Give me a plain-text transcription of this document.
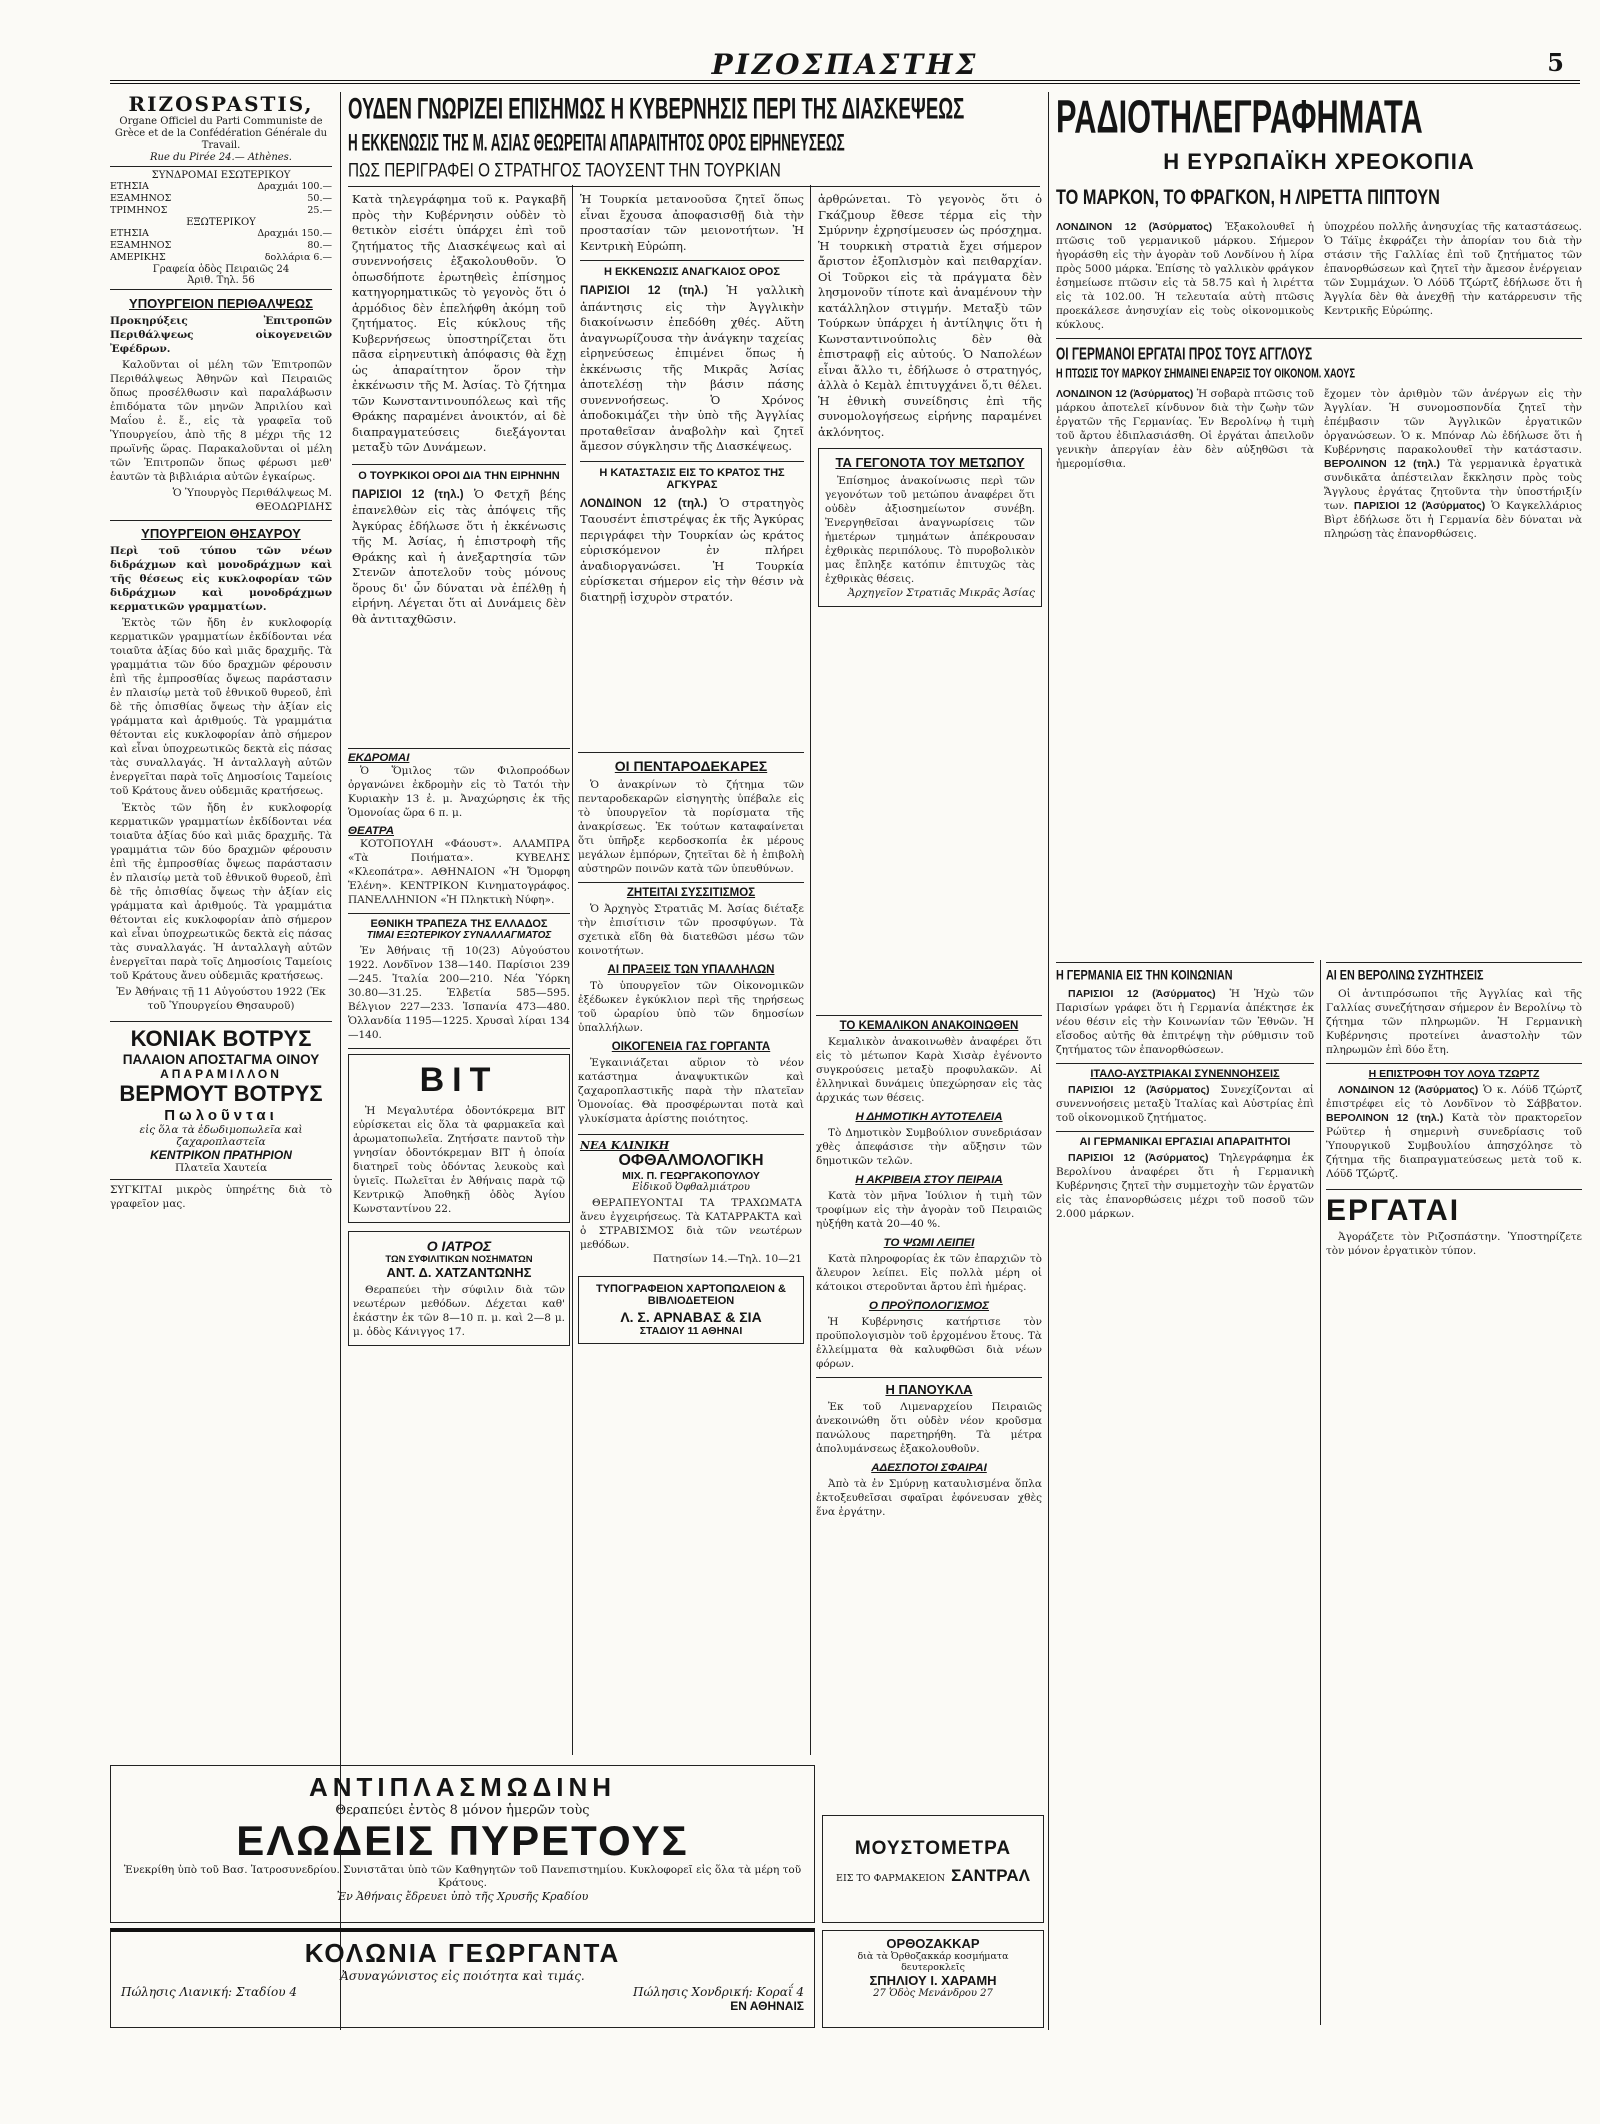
ΡΙΖΟΣΠΑΣΤΗΣ	5
RIZOSPASTIS,
Organe Officiel du Parti Communiste de Grèce et de la Confédération Générale du Travail.
Rue du Pirée 24.— Athènes.
ΣΥΝΔΡΟΜΑΙ ΕΣΩΤΕΡΙΚΟΥ
ΕΤΗΣΙΑ	Δραχμάι 100.—
ΕΞΑΜΗΝΟΣ	50.—
ΤΡΙΜΗΝΟΣ	25.—
ΕΞΩΤΕΡΙΚΟΥ
ΕΤΗΣΙΑ	Δραχμάι 150.—
ΕΞΑΜΗΝΟΣ	80.—
ΑΜΕΡΙΚΗΣ	δολλάρια 6.—
Γραφεία ὁδὸς Πειραιῶς 24
Ἀριθ. Τηλ. 56
ΥΠΟΥΡΓΕΙΟΝ ΠΕΡΙΘΑΛΨΕΩΣ
Προκηρύξεις Ἐπιτροπῶν Περιθάλψεως οἰκογενειῶν Ἐφέδρων.
Καλοῦνται οἱ μέλη τῶν Ἐπιτροπῶν Περιθάλψεως Ἀθηνῶν καὶ Πειραιῶς ὅπως προσέλθωσιν καὶ παραλάβωσιν ἐπιδόματα τῶν μηνῶν Ἀπριλίου καὶ Μαΐου ἐ. ἔ., εἰς τὰ γραφεῖα τοῦ Ὑπουργείου, ἀπὸ τῆς 8 μέχρι τῆς 12 πρωϊνῆς ὥρας. Παρακαλοῦνται οἱ μέλη τῶν Ἐπιτροπῶν ὅπως φέρωσι μεθ' ἑαυτῶν τὰ βιβλιάρια αὐτῶν ἐγκαίρως.
Ὁ Ὑπουργὸς Περιθάλψεως Μ. ΘΕΟΔΩΡΙΔΗΣ
ΥΠΟΥΡΓΕΙΟΝ ΘΗΣΑΥΡΟΥ
Περὶ τοῦ τύπου τῶν νέων διδράχμων καὶ μονοδράχμων καὶ τῆς θέσεως εἰς κυκλοφορίαν τῶν διδράχμων καὶ μονοδράχμων κερματικῶν γραμματίων.
Ἐκτὸς τῶν ἤδη ἐν κυκλοφορίᾳ κερματικῶν γραμματίων ἐκδίδονται νέα τοιαῦτα ἀξίας δύο καὶ μιᾶς δραχμῆς. Τὰ γραμμάτια τῶν δύο δραχμῶν φέρουσιν ἐπὶ τῆς ἐμπροσθίας ὄψεως παράστασιν ἐν πλαισίῳ μετὰ τοῦ ἐθνικοῦ θυρεοῦ, ἐπὶ δὲ τῆς ὀπισθίας ὄψεως τὴν ἀξίαν εἰς γράμματα καὶ ἀριθμούς. Τὰ γραμμάτια θέτονται εἰς κυκλοφορίαν ἀπὸ σήμερον καὶ εἶναι ὑποχρεωτικῶς δεκτὰ εἰς πάσας τὰς συναλλαγάς. Ἡ ἀνταλλαγὴ αὐτῶν ἐνεργεῖται παρὰ τοῖς Δημοσίοις Ταμείοις τοῦ Κράτους ἄνευ οὐδεμιᾶς κρατήσεως.
Ἐκτὸς τῶν ἤδη ἐν κυκλοφορίᾳ κερματικῶν γραμματίων ἐκδίδονται νέα τοιαῦτα ἀξίας δύο καὶ μιᾶς δραχμῆς. Τὰ γραμμάτια τῶν δύο δραχμῶν φέρουσιν ἐπὶ τῆς ἐμπροσθίας ὄψεως παράστασιν ἐν πλαισίῳ μετὰ τοῦ ἐθνικοῦ θυρεοῦ, ἐπὶ δὲ τῆς ὀπισθίας ὄψεως τὴν ἀξίαν εἰς γράμματα καὶ ἀριθμούς. Τὰ γραμμάτια θέτονται εἰς κυκλοφορίαν ἀπὸ σήμερον καὶ εἶναι ὑποχρεωτικῶς δεκτὰ εἰς πάσας τὰς συναλλαγάς. Ἡ ἀνταλλαγὴ αὐτῶν ἐνεργεῖται παρὰ τοῖς Δημοσίοις Ταμείοις τοῦ Κράτους ἄνευ οὐδεμιᾶς κρατήσεως.
Ἐν Ἀθήναις τῇ 11 Αὐγούστου 1922 (Ἐκ τοῦ Ὑπουργείου Θησαυροῦ)
ΚΟΝΙΑΚ ΒΟΤΡΥΣ
ΠΑΛΑΙΟΝ ΑΠΟΣΤΑΓΜΑ ΟΙΝΟΥ
ΑΠΑΡΑΜΙΛΛΟΝ
ΒΕΡΜΟΥΤ ΒΟΤΡΥΣ
Πωλοῦνται
εἰς ὅλα τὰ ἐδωδιμοπωλεῖα καὶ ζαχαροπλαστεῖα
ΚΕΝΤΡΙΚΟΝ ΠΡΑΤΗΡΙΟΝ
Πλατεῖα Χαυτεία
ΣΥΓΚΙΤΑΙ μικρὸς ὑπηρέτης διὰ τὸ γραφεῖον μας.
ΟΥΔΕΝ ΓΝΩΡΙΖΕΙ ΕΠΙΣΗΜΩΣ Η ΚΥΒΕΡΝΗΣΙΣ ΠΕΡΙ ΤΗΣ ΔΙΑΣΚΕΨΕΩΣ
Η ΕΚΚΕΝΩΣΙΣ ΤΗΣ Μ. ΑΣΙΑΣ ΘΕΩΡΕΙΤΑΙ ΑΠΑΡΑΙΤΗΤΟΣ ΟΡΟΣ ΕΙΡΗΝΕΥΣΕΩΣ
ΠΩΣ ΠΕΡΙΓΡΑΦΕΙ Ο ΣΤΡΑΤΗΓΟΣ ΤΑΟΥΣΕΝΤ ΤΗΝ ΤΟΥΡΚΙΑΝ
Κατὰ τηλεγράφημα τοῦ κ. Ραγκαβῆ πρὸς τὴν Κυβέρνησιν οὐδὲν τὸ θετικὸν εἰσέτι ὑπάρχει ἐπὶ τοῦ ζητήματος τῆς Διασκέψεως καὶ αἱ συνεννοήσεις ἐξακολουθοῦν. Ὁ ὁπωσδήποτε ἐρωτηθεὶς ἐπίσημος κατηγορηματικῶς τὸ γεγονὸς ὅτι ὁ ἀρμόδιος δὲν ἐπελήφθη ἀκόμη τοῦ ζητήματος. Εἰς κύκλους τῆς Κυβερνήσεως ὑποστηρίζεται ὅτι πᾶσα εἰρηνευτικὴ ἀπόφασις θὰ ἔχῃ ὡς ἀπαραίτητον ὅρον τὴν ἐκκένωσιν τῆς Μ. Ἀσίας. Τὸ ζήτημα τῶν Κωνσταντινουπόλεως καὶ τῆς Θράκης παραμένει ἀνοικτόν, αἱ δὲ διαπραγματεύσεις διεξάγονται μεταξὺ τῶν Δυνάμεων.
Ο ΤΟΥΡΚΙΚΟΙ ΟΡΟΙ ΔΙΑ ΤΗΝ ΕΙΡΗΝΗΝ
ΠΑΡΙΣΙΟΙ 12 (τηλ.) Ὁ Φετχῆ βέης ἐπανελθὼν εἰς τὰς ἀπόψεις τῆς Ἀγκύρας ἐδήλωσε ὅτι ἡ ἐκκένωσις τῆς Μ. Ἀσίας, ἡ ἐπιστροφὴ τῆς Θράκης καὶ ἡ ἀνεξαρτησία τῶν Στενῶν ἀποτελοῦν τοὺς μόνους ὅρους δι' ὧν δύναται νὰ ἐπέλθῃ ἡ εἰρήνη. Λέγεται ὅτι αἱ Δυνάμεις δὲν θὰ ἀντιταχθῶσιν.
Ἡ Τουρκία μετανοοῦσα ζητεῖ ὅπως εἶναι ἔχουσα ἀποφασισθῇ διὰ τὴν προστασίαν τῶν μειονοτήτων. Ἡ Κεντρικὴ Εὐρώπη.
Η ΕΚΚΕΝΩΣΙΣ ΑΝΑΓΚΑΙΟΣ ΟΡΟΣ
ΠΑΡΙΣΙΟΙ 12 (τηλ.) Ἡ γαλλικὴ ἀπάντησις εἰς τὴν Ἀγγλικὴν διακοίνωσιν ἐπεδόθη χθές. Αὕτη ἀναγνωρίζουσα τὴν ἀνάγκην ταχείας εἰρηνεύσεως ἐπιμένει ὅπως ἡ ἐκκένωσις τῆς Μικρᾶς Ἀσίας ἀποτελέσῃ τὴν βάσιν πάσης συνεννοήσεως. Ὁ Χρόνος ἀποδοκιμάζει τὴν ὑπὸ τῆς Ἀγγλίας προταθεῖσαν ἀναβολὴν καὶ ζητεῖ ἄμεσον σύγκλησιν τῆς Διασκέψεως.
Η ΚΑΤΑΣΤΑΣΙΣ ΕΙΣ ΤΟ ΚΡΑΤΟΣ ΤΗΣ ΑΓΚΥΡΑΣ
ΛΟΝΔΙΝΟΝ 12 (τηλ.) Ὁ στρατηγὸς Ταουσέντ ἐπιστρέψας ἐκ τῆς Ἀγκύρας περιγράφει τὴν Τουρκίαν ὡς κράτος εὑρισκόμενον ἐν πλήρει ἀναδιοργανώσει. Ἡ Τουρκία εὑρίσκεται σήμερον εἰς τὴν θέσιν νὰ διατηρῇ ἰσχυρὸν στρατόν.
ἀρθρώνεται. Τὸ γεγονὸς ὅτι ὁ Γκάζμουρ ἔθεσε τέρμα εἰς τὴν Σμύρνην ἐχρησίμευσεν ὡς πρόσχημα. Ἡ τουρκικὴ στρατιὰ ἔχει σήμερον ἄριστον ἐξοπλισμὸν καὶ πειθαρχίαν. Οἱ Τοῦρκοι εἰς τὰ πράγματα δὲν λησμονοῦν τίποτε καὶ ἀναμένουν τὴν κατάλληλον στιγμήν. Μεταξὺ τῶν Τούρκων ὑπάρχει ἡ ἀντίληψις ὅτι ἡ Κωνσταντινούπολις δὲν θὰ ἐπιστραφῇ εἰς αὐτούς. Ὁ Ναπολέων εἶναι ἄλλο τι, ἐδήλωσε ὁ στρατηγός, ἀλλὰ ὁ Κεμὰλ ἐπιτυγχάνει ὅ,τι θέλει. Ἡ ἐθνικὴ συνείδησις ἐπὶ τῆς συνομολογήσεως εἰρήνης παραμένει ἀκλόνητος.
ΤΑ ΓΕΓΟΝΟΤΑ ΤΟΥ ΜΕΤΩΠΟΥ
Ἐπίσημος ἀνακοίνωσις περὶ τῶν γεγονότων τοῦ μετώπου ἀναφέρει ὅτι οὐδὲν ἀξιοσημείωτον συνέβη. Ἐνεργηθεῖσαι ἀναγνωρίσεις τῶν ἡμετέρων τμημάτων ἀπέκρουσαν ἐχθρικὰς περιπόλους. Τὸ πυροβολικὸν μας ἔπληξε κατόπιν ἐπιτυχῶς τὰς ἐχθρικὰς θέσεις.
Ἀρχηγεῖον Στρατιᾶς Μικρᾶς Ἀσίας
ΕΚΔΡΟΜΑΙ
Ὁ Ὅμιλος τῶν Φιλοπροόδων ὀργανώνει ἐκδρομὴν εἰς τὸ Τατόι τὴν Κυριακὴν 13 ἐ. μ. Ἀναχώρησις ἐκ τῆς Ὁμονοίας ὥρα 6 π. μ.
ΘΕΑΤΡΑ
ΚΟΤΟΠΟΥΛΗ «Φάουστ». ΑΛΑΜΠΡΑ «Τὰ Ποιήματα». ΚΥΒΕΛΗΣ «Κλεοπάτρα». ΑΘΗΝΑΙΟΝ «Ἡ Ὄμορφη Ἑλένη». ΚΕΝΤΡΙΚΟΝ Κινηματογράφος. ΠΑΝΕΛΛΗΝΙΟΝ «Ἡ Πληκτικὴ Νύφη».
ΕΘΝΙΚΗ ΤΡΑΠΕΖΑ ΤΗΣ ΕΛΛΑΔΟΣ
ΤΙΜΑΙ ΕΞΩΤΕΡΙΚΟΥ ΣΥΝΑΛΛΑΓΜΑΤΟΣ
Ἐν Ἀθήναις τῇ 10(23) Αὐγούστου 1922. Λονδῖνον 138—140. Παρίσιοι 239—245. Ἰταλία 200—210. Νέα Ὑόρκη 30.80—31.25. Ἑλβετία 585—595. Βέλγιον 227—233. Ἱσπανία 473—480. Ὁλλανδία 1195—1225. Χρυσαὶ λίραι 134—140.
ΒΙΤ
Ἡ Μεγαλυτέρα ὁδοντόκρεμα ΒΙΤ εὐρίσκεται εἰς ὅλα τὰ φαρμακεῖα καὶ ἀρωματοπωλεῖα. Ζητήσατε παντοῦ τὴν γνησίαν ὁδοντόκρεμαν ΒΙΤ ἡ ὁποία διατηρεῖ τοὺς ὀδόντας λευκοὺς καὶ ὑγιεῖς. Πωλεῖται ἐν Ἀθήναις παρὰ τῷ Κεντρικῷ Ἀποθηκῇ ὁδὸς Ἀγίου Κωνσταντίνου 22.
Ο ΙΑΤΡΟΣ
ΤΩΝ ΣΥΦΙΛΙΤΙΚΩΝ ΝΟΣΗΜΑΤΩΝ
ΑΝΤ. Δ. ΧΑΤΖΑΝΤΩΝΗΣ
Θεραπεύει τὴν σύφιλιν διὰ τῶν νεωτέρων μεθόδων. Δέχεται καθ' ἑκάστην ἐκ τῶν 8—10 π. μ. καὶ 2—8 μ. μ. ὁδὸς Κάνιγγος 17.
ΟΙ ΠΕΝΤΑΡΟΔΕΚΑΡΕΣ
Ὁ ἀνακρίνων τὸ ζήτημα τῶν πενταροδεκαρῶν εἰσηγητὴς ὑπέβαλε εἰς τὸ ὑπουργεῖον τὰ πορίσματα τῆς ἀνακρίσεως. Ἐκ τούτων καταφαίνεται ὅτι ὑπῆρξε κερδοσκοπία ἐκ μέρους μεγάλων ἐμπόρων, ζητεῖται δὲ ἡ ἐπιβολὴ αὐστηρῶν ποινῶν κατὰ τῶν ὑπευθύνων.
ΖΗΤΕΙΤΑΙ ΣΥΣΣΙΤΙΣΜΟΣ
Ὁ Ἀρχηγὸς Στρατιᾶς Μ. Ἀσίας διέταξε τὴν ἐπισίτισιν τῶν προσφύγων. Τὰ σχετικὰ εἴδη θὰ διατεθῶσι μέσω τῶν κοινοτήτων.
ΑΙ ΠΡΑΞΕΙΣ ΤΩΝ ΥΠΑΛΛΗΛΩΝ
Τὸ ὑπουργεῖον τῶν Οἰκονομικῶν ἐξέδωκεν ἐγκύκλιον περὶ τῆς τηρήσεως τοῦ ὡραρίου ὑπὸ τῶν δημοσίων ὑπαλλήλων.
ΟΙΚΟΓΕΝΕΙΑ ΓΑΣ ΓΟΡΓΑΝΤΑ
Ἐγκαινιάζεται αὔριον τὸ νέον κατάστημα ἀναψυκτικῶν καὶ ζαχαροπλαστικῆς παρὰ τὴν πλατεῖαν Ὁμονοίας. Θὰ προσφέρωνται ποτὰ καὶ γλυκίσματα ἀρίστης ποιότητος.
ΝΕΑ ΚΛΙΝΙΚΗ
ΟΦΘΑΛΜΟΛΟΓΙΚΗ
ΜΙΧ. Π. ΓΕΩΡΓΑΚΟΠΟΥΛΟΥ
Εἰδικοῦ Ὀφθαλμιάτρου
ΘΕΡΑΠΕΥΟΝΤΑΙ ΤΑ ΤΡΑΧΩΜΑΤΑ ἄνευ ἐγχειρήσεως. Τὰ ΚΑΤΑΡΡΑΚΤΑ καὶ ὁ ΣΤΡΑΒΙΣΜΟΣ διὰ τῶν νεωτέρων μεθόδων.
Πατησίων 14.—Τηλ. 10—21
ΤΥΠΟΓΡΑΦΕΙΟΝ ΧΑΡΤΟΠΩΛΕΙΟΝ & ΒΙΒΛΙΟΔΕΤΕΙΟΝ
Λ. Σ. ΑΡΝΑΒΑΣ & ΣΙΑ
ΣΤΑΔΙΟΥ 11 ΑΘΗΝΑΙ
ΤΟ ΚΕΜΑΛΙΚΟΝ ΑΝΑΚΟΙΝΩΘΕΝ
Κεμαλικὸν ἀνακοινωθὲν ἀναφέρει ὅτι εἰς τὸ μέτωπον Καρὰ Χισὰρ ἐγένοντο συγκρούσεις μεταξὺ προφυλακῶν. Αἱ ἐλληνικαὶ δυνάμεις ὑπεχώρησαν εἰς τὰς ἀρχικάς των θέσεις.
Η ΔΗΜΟΤΙΚΗ ΑΥΤΟΤΕΛΕΙΑ
Τὸ Δημοτικὸν Συμβούλιον συνεδριάσαν χθὲς ἀπεφάσισε τὴν αὔξησιν τῶν δημοτικῶν τελῶν.
Η ΑΚΡΙΒΕΙΑ ΣΤΟΥ ΠΕΙΡΑΙΑ
Κατὰ τὸν μῆνα Ἰούλιον ἡ τιμὴ τῶν τροφίμων εἰς τὴν ἀγορὰν τοῦ Πειραιῶς ηὐξήθη κατὰ 20—40 %.
ΤΟ ΨΩΜΙ ΛΕΙΠΕΙ
Κατὰ πληροφορίας ἐκ τῶν ἐπαρχιῶν τὸ ἄλευρον λείπει. Εἰς πολλὰ μέρη οἱ κάτοικοι στεροῦνται ἄρτου ἐπὶ ἡμέρας.
Ο ΠΡΟΫΠΟΛΟΓΙΣΜΟΣ
Ἡ Κυβέρνησις κατήρτισε τὸν προϋπολογισμὸν τοῦ ἐρχομένου ἔτους. Τὰ ἐλλείμματα θὰ καλυφθῶσι διὰ νέων φόρων.
Η ΠΑΝΟΥΚΛΑ
Ἐκ τοῦ Λιμεναρχείου Πειραιῶς ἀνεκοινώθη ὅτι οὐδὲν νέον κροῦσμα πανώλους παρετηρήθη. Τὰ μέτρα ἀπολυμάνσεως ἐξακολουθοῦν.
ΑΔΕΣΠΟΤΟΙ ΣΦΑΙΡΑΙ
Ἀπὸ τὰ ἐν Σμύρνῃ καταυλισμένα ὅπλα ἐκτοξευθεῖσαι σφαῖραι ἐφόνευσαν χθὲς ἕνα ἐργάτην.
ΡΑΔΙΟΤΗΛΕΓΡΑΦΗΜΑΤΑ
Η ΕΥΡΩΠΑΪΚΗ ΧΡΕΟΚΟΠΙΑ
ΤΟ ΜΑΡΚΟΝ, ΤΟ ΦΡΑΓΚΟΝ, Η ΛΙΡΕΤΤΑ ΠΙΠΤΟΥΝ
ΛΟΝΔΙΝΟΝ 12 (Ἀσύρματος) Ἐξακολουθεῖ ἡ πτῶσις τοῦ γερμανικοῦ μάρκου. Σήμερον ἠγοράσθη εἰς τὴν ἀγορὰν τοῦ Λονδίνου ἡ λίρα πρὸς 5000 μάρκα. Ἐπίσης τὸ γαλλικὸν φράγκον ἐσημείωσε πτῶσιν εἰς τὰ 58.75 καὶ ἡ λιρέττα εἰς τὰ 102.00. Ἡ τελευταία αὐτὴ πτῶσις προεκάλεσε ἀνησυχίαν εἰς τοὺς οἰκονομικοὺς κύκλους.
ὑποχρέου πολλῆς ἀνησυχίας τῆς καταστάσεως. Ὁ Τάϊμς ἐκφράζει τὴν ἀπορίαν του διὰ τὴν στάσιν τῆς Γαλλίας ἐπὶ τοῦ ζητήματος τῶν ἐπανορθώσεων καὶ ζητεῖ τὴν ἄμεσον ἐνέργειαν τῶν Συμμάχων. Ὁ Λόϋδ Τζώρτζ ἐδήλωσε ὅτι ἡ Ἀγγλία δὲν θὰ ἀνεχθῇ τὴν κατάρρευσιν τῆς Κεντρικῆς Εὐρώπης.
ΟΙ ΓΕΡΜΑΝΟΙ ΕΡΓΑΤΑΙ ΠΡΟΣ ΤΟΥΣ ΑΓΓΛΟΥΣ
Η ΠΤΩΣΙΣ ΤΟΥ ΜΑΡΚΟΥ ΣΗΜΑΙΝΕΙ ΕΝΑΡΞΙΣ ΤΟΥ ΟΙΚΟΝΟΜ. ΧΑΟΥΣ
ΛΟΝΔΙΝΟΝ 12 (Ἀσύρματος) Ἡ σοβαρὰ πτῶσις τοῦ μάρκου ἀποτελεῖ κίνδυνον διὰ τὴν ζωὴν τῶν ἐργατῶν τῆς Γερμανίας. Ἐν Βερολίνῳ ἡ τιμὴ τοῦ ἄρτου ἐδιπλασιάσθη. Οἱ ἐργάται ἀπειλοῦν γενικὴν ἀπεργίαν ἐὰν δὲν αὐξηθῶσι τὰ ἡμερομίσθια.
ἔχομεν τὸν ἀριθμὸν τῶν ἀνέργων εἰς τὴν Ἀγγλίαν. Ἡ συνομοσπονδία ζητεῖ τὴν ἐπέμβασιν τῶν Ἀγγλικῶν ἐργατικῶν ὀργανώσεων. Ὁ κ. Μπόναρ Λὼ ἐδήλωσε ὅτι ἡ Κυβέρνησις παρακολουθεῖ τὴν κατάστασιν. ΒΕΡΟΛΙΝΟΝ 12 (τηλ.) Τὰ γερμανικὰ ἐργατικὰ συνδικᾶτα ἀπέστειλαν ἔκκλησιν πρὸς τοὺς Ἄγγλους ἐργάτας ζητοῦντα τὴν ὑποστήριξίν των. ΠΑΡΙΣΙΟΙ 12 (Ἀσύρματος) Ὁ Καγκελλάριος Βὶρτ ἐδήλωσε ὅτι ἡ Γερμανία δὲν δύναται νὰ πληρώσῃ τὰς ἐπανορθώσεις.
Η ΓΕΡΜΑΝΙΑ ΕΙΣ ΤΗΝ ΚΟΙΝΩΝΙΑΝ
ΠΑΡΙΣΙΟΙ 12 (Ἀσύρματος) Ἡ Ἠχὼ τῶν Παρισίων γράφει ὅτι ἡ Γερμανία ἀπέκτησε ἐκ νέου θέσιν εἰς τὴν Κοινωνίαν τῶν Ἐθνῶν. Ἡ εἴσοδος αὐτῆς θὰ ἐπιτρέψῃ τὴν ρύθμισιν τοῦ ζητήματος τῶν ἐπανορθώσεων.
ΙΤΑΛΟ-ΑΥΣΤΡΙΑΚΑΙ ΣΥΝΕΝΝΟΗΣΕΙΣ
ΠΑΡΙΣΙΟΙ 12 (Ἀσύρματος) Συνεχίζονται αἱ συνεννοήσεις μεταξὺ Ἰταλίας καὶ Αὐστρίας ἐπὶ τοῦ οἰκονομικοῦ ζητήματος.
ΑΙ ΓΕΡΜΑΝΙΚΑΙ ΕΡΓΑΣΙΑΙ ΑΠΑΡΑΙΤΗΤΟΙ
ΠΑΡΙΣΙΟΙ 12 (Ἀσύρματος) Τηλεγράφημα ἐκ Βερολίνου ἀναφέρει ὅτι ἡ Γερμανικὴ Κυβέρνησις ζητεῖ τὴν συμμετοχὴν τῶν ἐργατῶν εἰς τὰς ἐπανορθώσεις μέχρι τοῦ ποσοῦ τῶν 2.000 μάρκων.
ΑΙ ΕΝ ΒΕΡΟΛΙΝΩ ΣΥΖΗΤΗΣΕΙΣ
Οἱ ἀντιπρόσωποι τῆς Ἀγγλίας καὶ τῆς Γαλλίας συνεζήτησαν σήμερον ἐν Βερολίνῳ τὸ ζήτημα τῶν πληρωμῶν. Ἡ Γερμανικὴ Κυβέρνησις προτείνει ἀναστολὴν τῶν πληρωμῶν ἐπὶ δύο ἔτη.
Η ΕΠΙΣΤΡΟΦΗ ΤΟΥ ΛΟΥΔ ΤΖΩΡΤΖ
ΛΟΝΔΙΝΟΝ 12 (Ἀσύρματος) Ὁ κ. Λόϋδ Τζώρτζ ἐπιστρέφει εἰς τὸ Λονδῖνον τὸ Σάββατον. ΒΕΡΟΛΙΝΟΝ 12 (τηλ.) Κατὰ τὸν πρακτορεῖον Ρώϋτερ ἡ σημερινὴ συνεδρίασις τοῦ Ὑπουργικοῦ Συμβουλίου ἀπησχόλησε τὸ ζήτημα τῆς διαπραγματεύσεως μετὰ τοῦ κ. Λόϋδ Τζώρτζ.
ΕΡΓΑΤΑΙ
Ἀγοράζετε τὸν Ριζοσπάστην. Ὑποστηρίζετε τὸν μόνον ἐργατικὸν τύπον.
ΑΝΤΙΠΛΑΣΜΩΔΙΝΗ
Θεραπεύει ἐντὸς 8 μόνον ἡμερῶν τοὺς
ΕΛΩΔΕΙΣ ΠΥΡΕΤΟΥΣ
Ἐνεκρίθη ὑπὸ τοῦ Βασ. Ἰατροσυνεδρίου. Συνιστᾶται ὑπὸ τῶν Καθηγητῶν τοῦ Πανεπιστημίου. Κυκλοφορεῖ εἰς ὅλα τὰ μέρη τοῦ Κράτους.
Ἐν Ἀθήναις ἔδρευει ὑπὸ τῆς Χρυσῆς Κραδίου
ΚΟΛΩΝΙΑ ΓΕΩΡΓΑΝΤΑ
Ἀσυναγώνιστος εἰς ποιότητα καὶ τιμάς.
Πώλησις Λιανική: Σταδίου 4	Πώλησις Χονδρική: Κοραΐ 4
ΕΝ ΑΘΗΝΑΙΣ
ΟΡΘΟΖΑΚΚΑΡ
διὰ τὰ Ὀρθοζακκάρ κοσμήματα δευτεροκλεῖς
ΣΠΗΛΙΟΥ Ι. ΧΑΡΑΜΗ
27 Ὁδὸς Μενάνδρου 27
ΜΟΥΣΤΟΜΕΤΡΑ
ΕΙΣ ΤΟ ΦΑΡΜΑΚΕΙΟΝ ΣΑΝΤΡΑΛ
